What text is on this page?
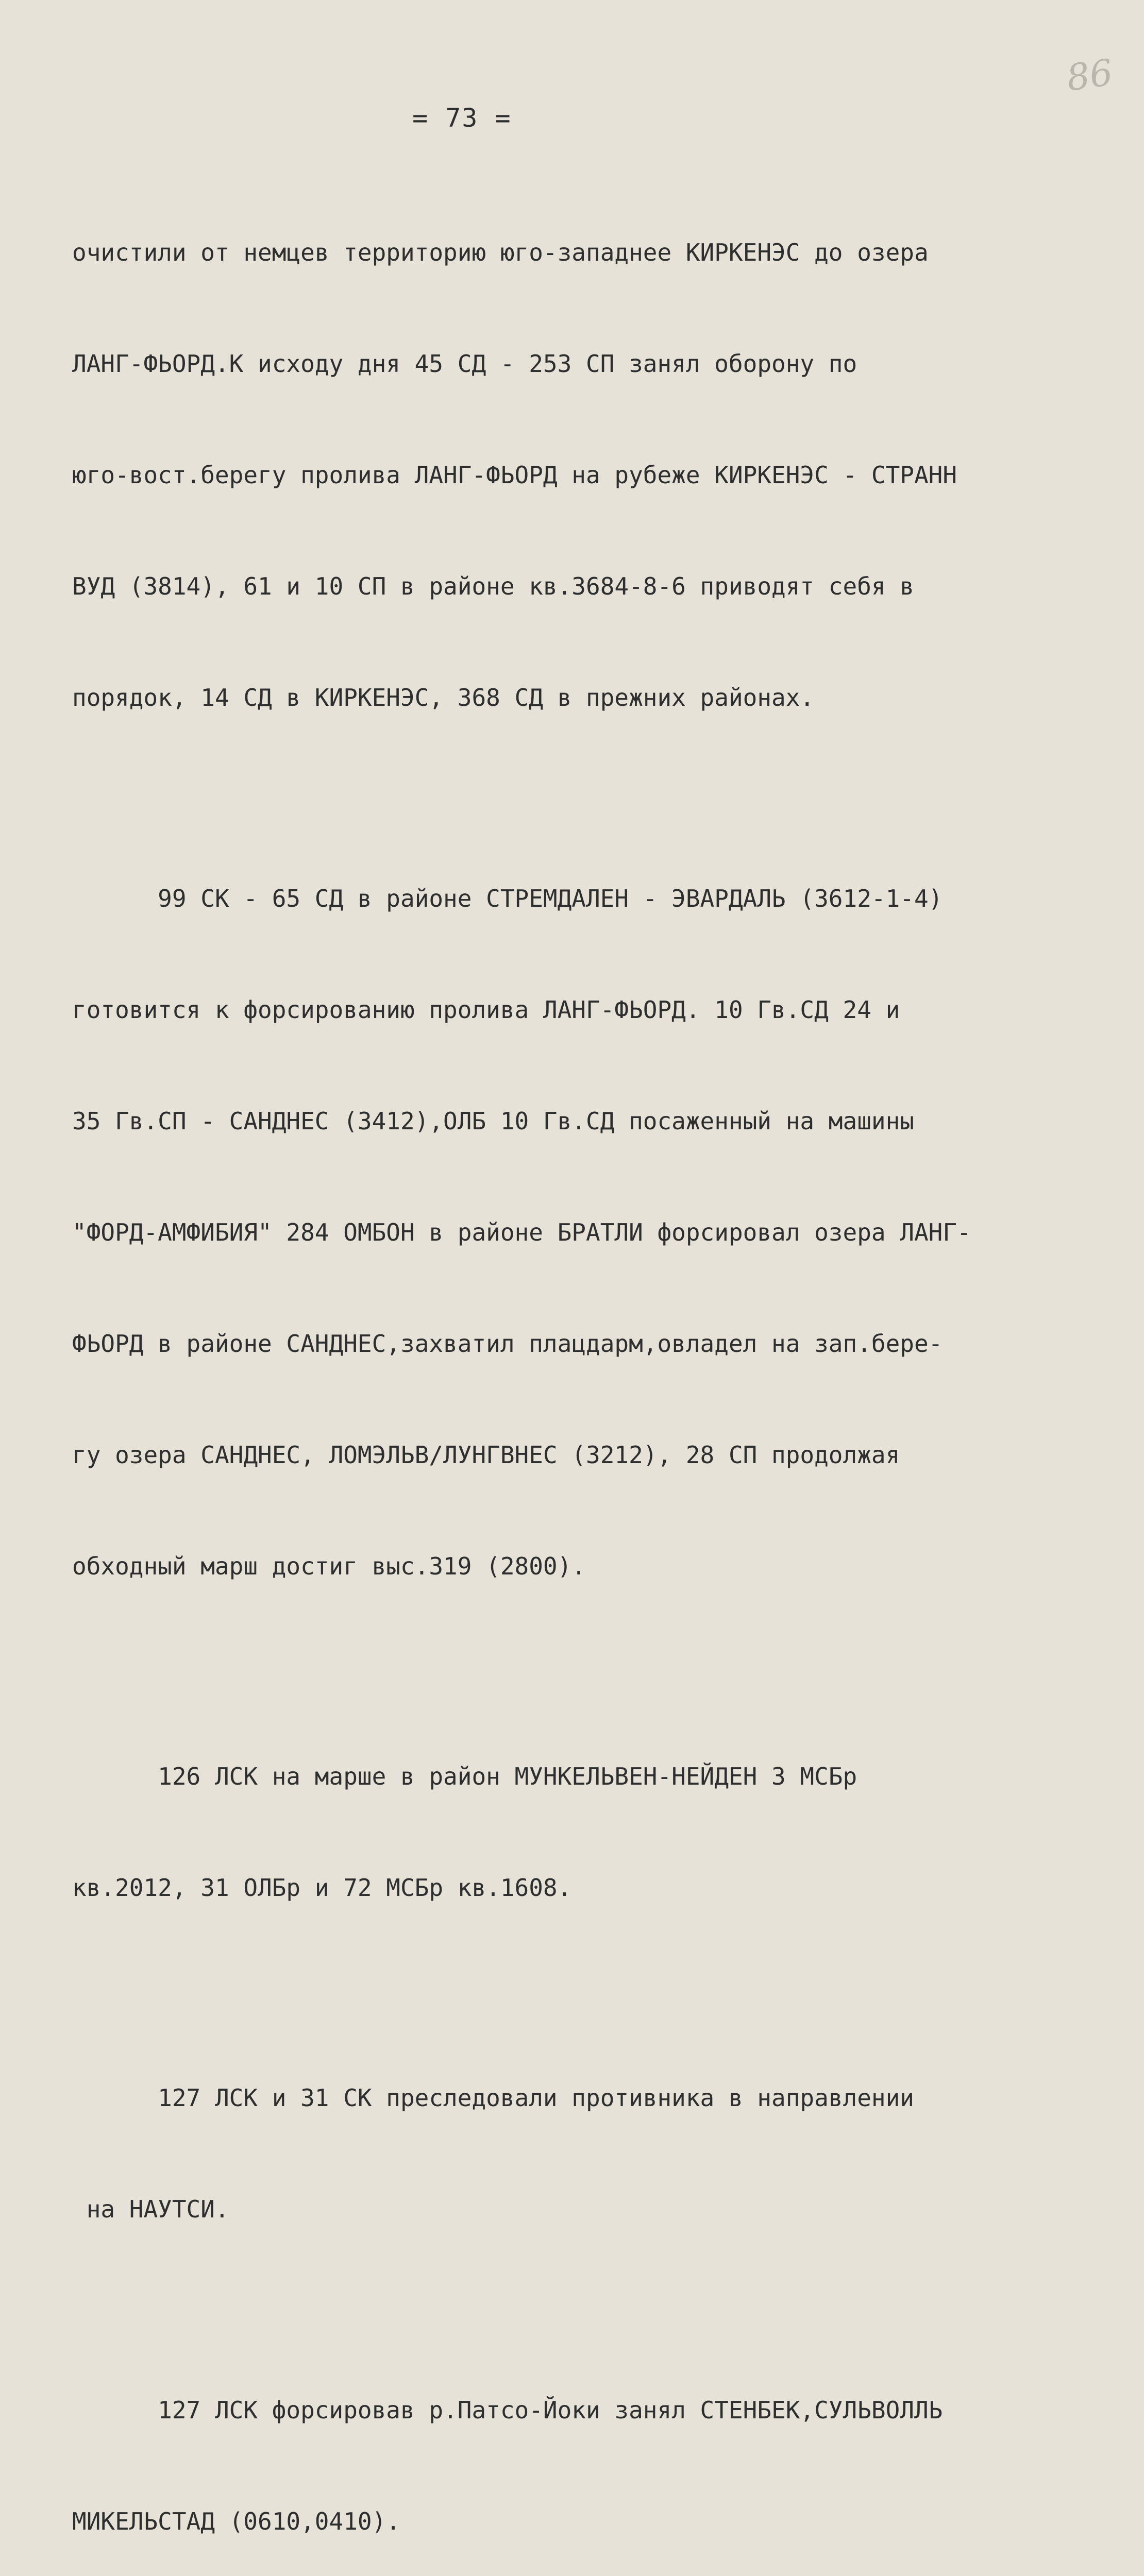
86
= 73 =

очистили от немцев территорию юго-западнее КИРКЕНЭС до озера

ЛАНГ-ФЬОРД.К исходу дня 45 СД - 253 СП занял оборону по

юго-вост.берегу пролива ЛАНГ-ФЬОРД на рубеже КИРКЕНЭС - СТРАНН

ВУД (3814), 61 и 10 СП в районе кв.3684-8-6 приводят себя в

порядок, 14 СД в КИРКЕНЭС, 368 СД в прежних районах.

99 СК - 65 СД в районе СТРЕМДАЛЕН - ЭВАРДАЛЬ (3612-1-4)

готовится к форсированию пролива ЛАНГ-ФЬОРД. 10 Гв.СД 24 и

35 Гв.СП - САНДНЕС (3412),ОЛБ 10 Гв.СД посаженный на машины

"ФОРД-АМФИБИЯ" 284 ОМБОН в районе БРАТЛИ форсировал озера ЛАНГ-

ФЬОРД в районе САНДНЕС,захватил плацдарм,овладел на зап.бере-

гу озера САНДНЕС, ЛОМЭЛЬВ/ЛУНГВНЕС (3212), 28 СП продолжая

обходный марш достиг выс.319 (2800).

126 ЛСК на марше в район МУНКЕЛЬВЕН-НЕЙДЕН 3 МСБр

кв.2012, 31 ОЛБр и 72 МСБр кв.1608.

127 ЛСК и 31 СК преследовали противника в направлении

на НАУТСИ.

127 ЛСК форсировав р.Патсо-Йоки занял СТЕНБЕК,СУЛЬВОЛЛЬ

МИКЕЛЬСТАД (0610,0410).
